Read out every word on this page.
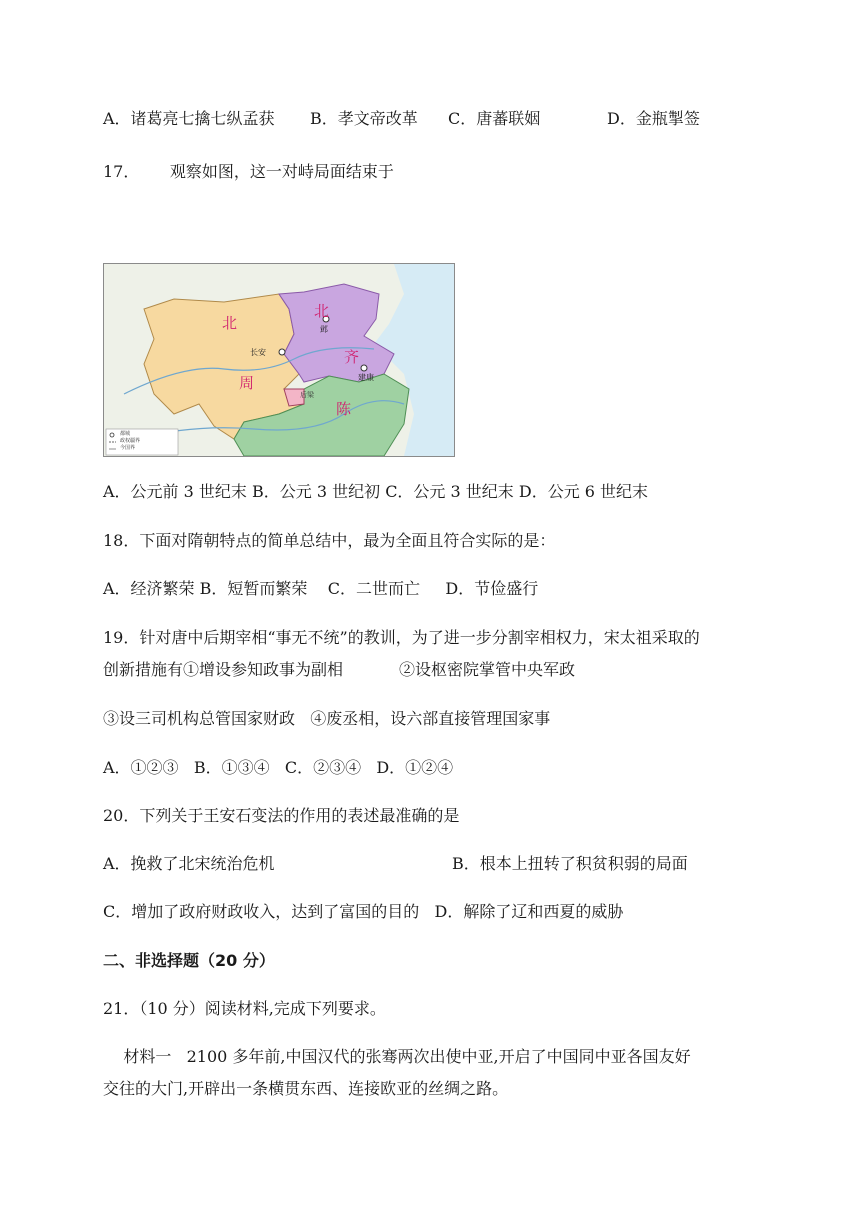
A．诸葛亮七擒七纵孟获 B．孝文帝改革 C．唐蕃联姻	D．金瓶掣签
17．      观察如图，这一对峙局面结束于
北
周
北
齐
陈
后梁
长安
邺
建康
都城
政权疆界
今国界
A．公元前 3 世纪末 B．公元 3 世纪初 C．公元 3 世纪末 D．公元 6 世纪末
18．下面对隋朝特点的简单总结中，最为全面且符合实际的是：
A．经济繁荣 B．短暂而繁荣    C．二世而亡     D．节俭盛行
19．针对唐中后期宰相“事无不统”的教训，为了进一步分割宰相权力，宋太祖采取的
创新措施有①增设参知政事为副相           ②设枢密院掌管中央军政
③设三司机构总管国家财政   ④废丞相，设六部直接管理国家事
A．①②③   B．①③④   C．②③④   D．①②④
20．下列关于王安石变法的作用的表述最准确的是
A．挽救了北宋统治危机	B．根本上扭转了积贫积弱的局面
C．增加了政府财政收入，达到了富国的目的   D．解除了辽和西夏的威胁
二、非选择题（20 分）
21．（10 分）阅读材料,完成下列要求。
材料一   2100 多年前,中国汉代的张骞两次出使中亚,开启了中国同中亚各国友好
交往的大门,开辟出一条横贯东西、连接欧亚的丝绸之路。
